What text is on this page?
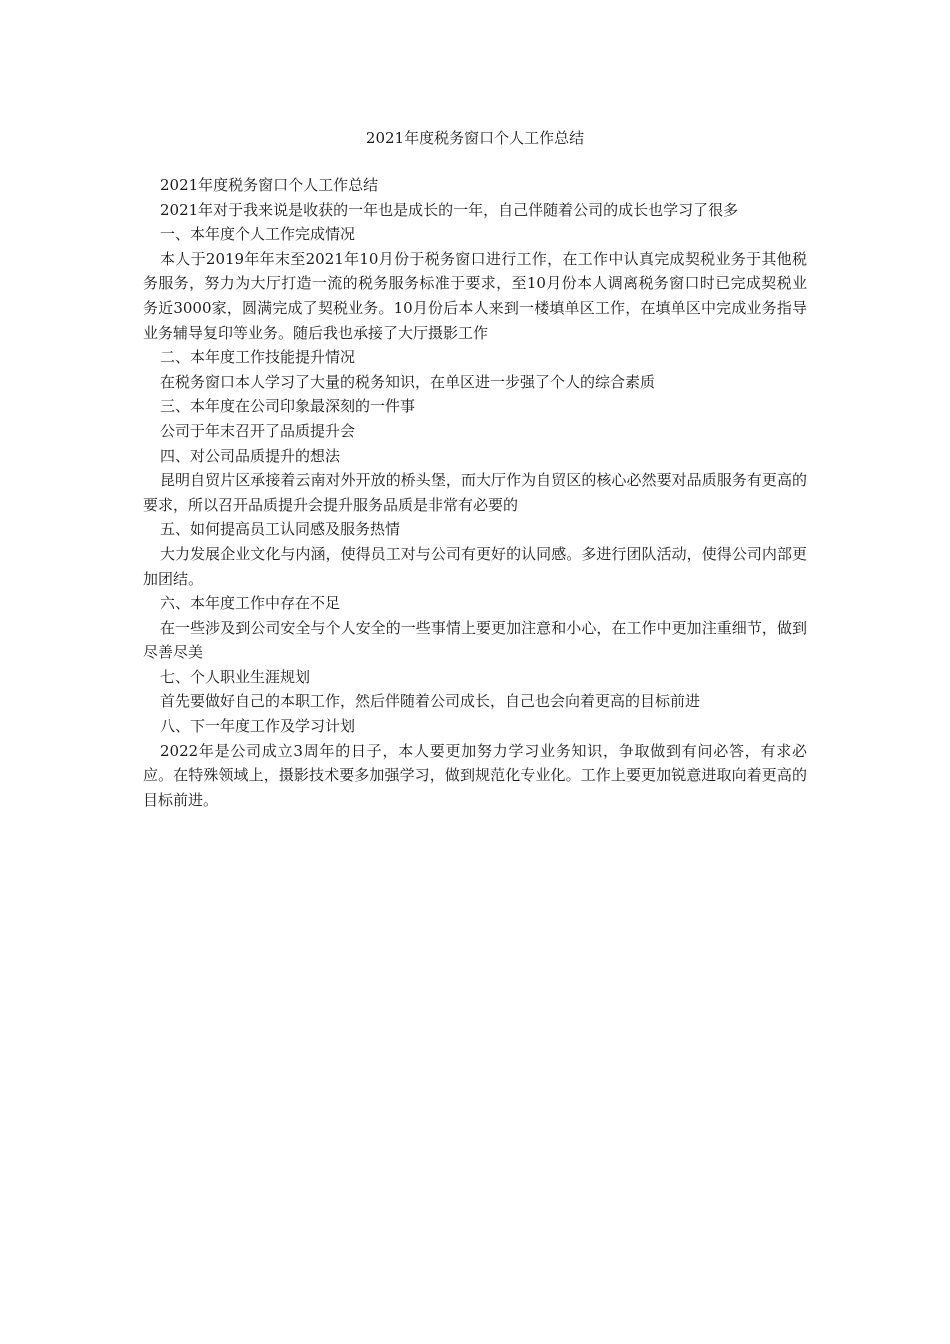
2021年度税务窗口个人工作总结

2021年度税务窗口个人工作总结

2021年对于我来说是收获的一年也是成长的一年，自己伴随着公司的成长也学习了很多

一、本年度个人工作完成情况

本人于2019年年末至2021年10月份于税务窗口进行工作，在工作中认真完成契税业务于其他税务服务，努力为大厅打造一流的税务服务标准于要求，至10月份本人调离税务窗口时已完成契税业务近3000家，圆满完成了契税业务。10月份后本人来到一楼填单区工作，在填单区中完成业务指导业务辅导复印等业务。随后我也承接了大厅摄影工作

二、本年度工作技能提升情况

在税务窗口本人学习了大量的税务知识，在单区进一步强了个人的综合素质

三、本年度在公司印象最深刻的一件事

公司于年末召开了品质提升会

四、对公司品质提升的想法

昆明自贸片区承接着云南对外开放的桥头堡，而大厅作为自贸区的核心必然要对品质服务有更高的要求，所以召开品质提升会提升服务品质是非常有必要的

五、如何提高员工认同感及服务热情

大力发展企业文化与内涵，使得员工对与公司有更好的认同感。多进行团队活动，使得公司内部更加团结。

六、本年度工作中存在不足

在一些涉及到公司安全与个人安全的一些事情上要更加注意和小心，在工作中更加注重细节，做到尽善尽美

七、个人职业生涯规划

首先要做好自己的本职工作，然后伴随着公司成长，自己也会向着更高的目标前进

八、下一年度工作及学习计划

2022年是公司成立3周年的日子，本人要更加努力学习业务知识，争取做到有问必答，有求必应。在特殊领域上，摄影技术要多加强学习，做到规范化专业化。工作上要更加锐意进取向着更高的目标前进。
